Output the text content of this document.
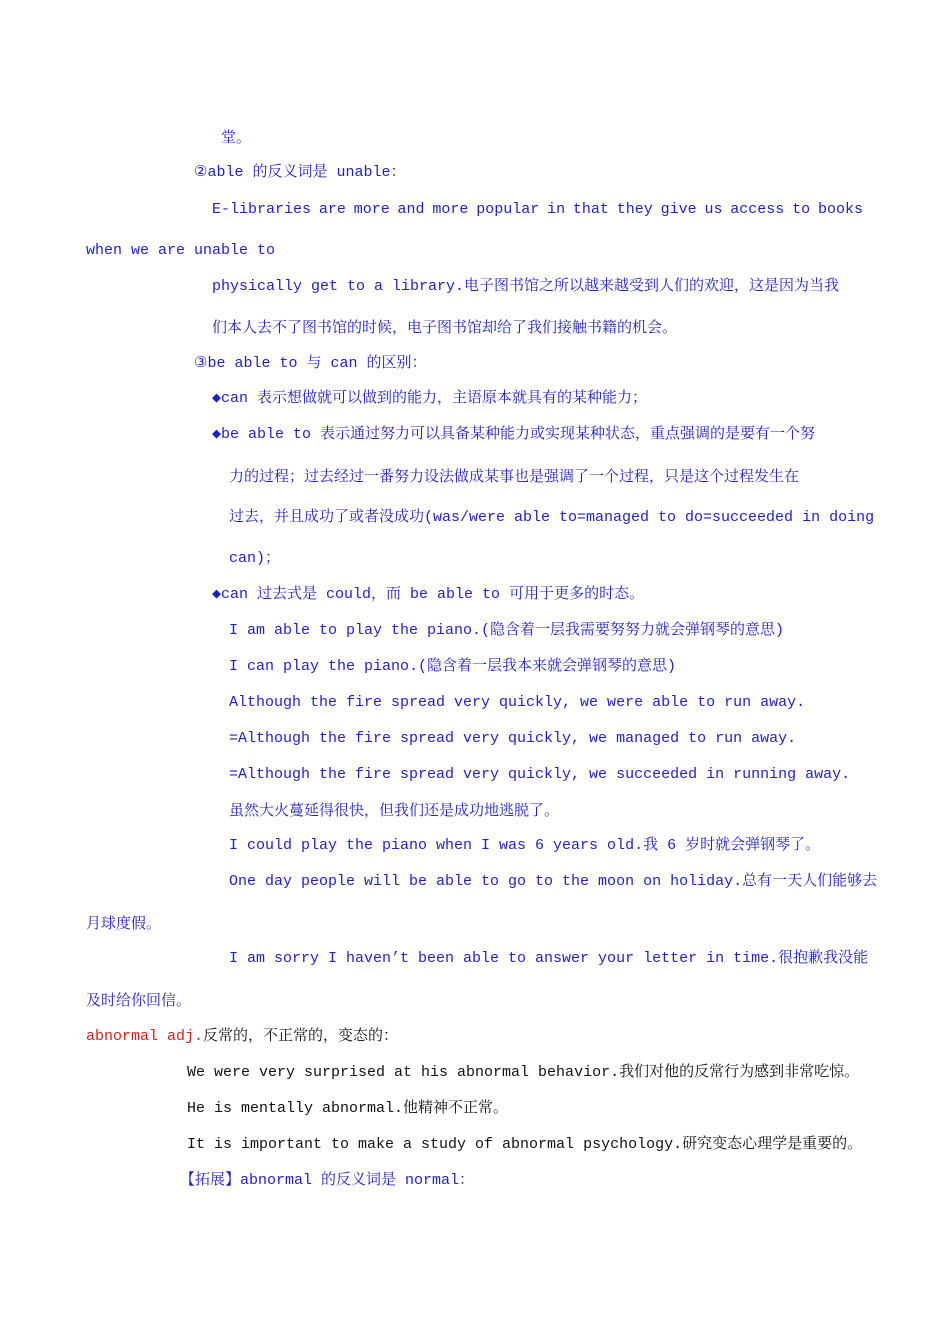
堂。
②able 的反义词是 unable：
E-libraries are more and more popular in that they give us access to books
when we are unable to
physically get to a library.电子图书馆之所以越来越受到人们的欢迎，这是因为当我
们本人去不了图书馆的时候，电子图书馆却给了我们接触书籍的机会。
③be able to 与 can 的区别：
◆can 表示想做就可以做到的能力，主语原本就具有的某种能力；
◆be able to 表示通过努力可以具备某种能力或实现某种状态，重点强调的是要有一个努
力的过程；过去经过一番努力设法做成某事也是强调了一个过程，只是这个过程发生在
过去，并且成功了或者没成功(was/were able to=managed to do=succeeded in doing
can)；
◆can 过去式是 could，而 be able to 可用于更多的时态。
I am able to play the piano.(隐含着一层我需要努努力就会弹钢琴的意思)
I can play the piano.(隐含着一层我本来就会弹钢琴的意思)
Although the fire spread very quickly, we were able to run away.
=Although the fire spread very quickly, we managed to run away.
=Although the fire spread very quickly, we succeeded in running away.
虽然大火蔓延得很快，但我们还是成功地逃脱了。
I could play the piano when I was 6 years old.我 6 岁时就会弹钢琴了。
One day people will be able to go to the moon on holiday.总有一天人们能够去
月球度假。
I am sorry I haven’t been able to answer your letter in time.很抱歉我没能
及时给你回信。
abnormal adj.反常的，不正常的，变态的：
We were very surprised at his abnormal behavior.我们对他的反常行为感到非常吃惊。
He is mentally abnormal.他精神不正常。
It is important to make a study of abnormal psychology.研究变态心理学是重要的。
【拓展】abnormal 的反义词是 normal：
